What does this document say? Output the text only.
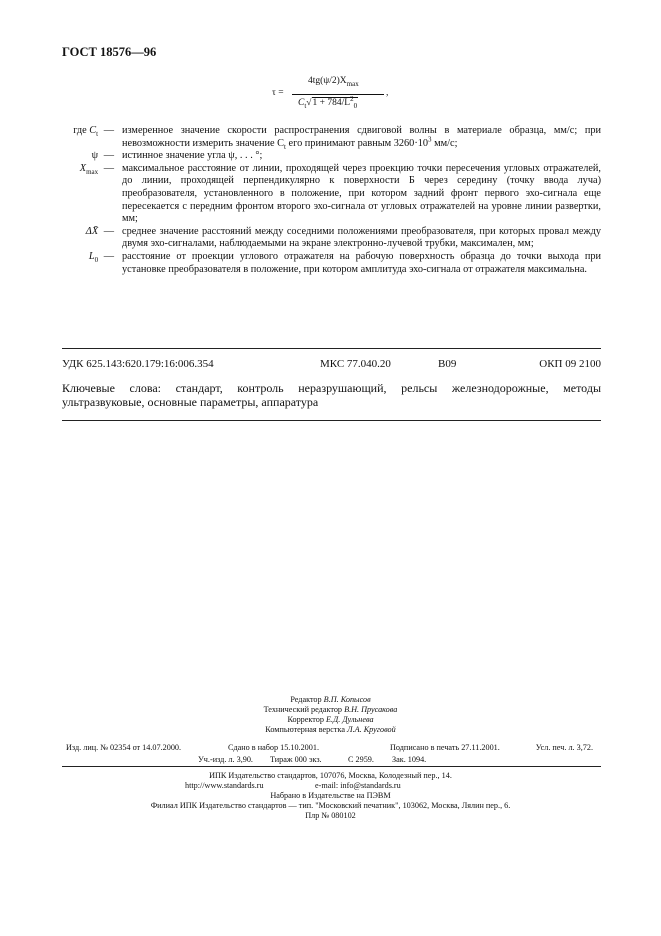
ГОСТ 18576—96
τ =
$4tg(\psi/2)X_{max}$
$C_t√1 + 784/L^2_0$
,
где $C_t$ — измеренное значение скорости распространения сдвиговой волны в материале образца, мм/с; при невозможности измерить значение $C_t$ его принимают равным $3260\cdot 10^3$ мм/с;
ψ — истинное значение угла ψ, . . . °;
$X_{max}$ — максимальное расстояние от линии, проходящей через проекцию точки пересечения угловых отражателей, до линии, проходящей перпендикулярно к поверхности Б через середину (точку ввода луча) преобразователя, установленного в положение, при котором задний фронт первого эхо-сигнала еще пересекается с передним фронтом второго эхо-сигнала от угловых отражателей на уровне линии развертки, мм;
ΔX̄ — среднее значение расстояний между соседними положениями преобразователя, при которых провал между двумя эхо-сигналами, наблюдаемыми на экране электронно-лучевой трубки, максимален, мм;
$L_0$ — расстояние от проекции углового отражателя на рабочую поверхность образца до точки выхода при установке преобразователя в положение, при котором амплитуда эхо-сигнала от отражателя максимальна.
УДК 625.143:620.179:16:006.354	МКС 77.040.20	В09	ОКП 09 2100
Ключевые слова: стандарт, контроль неразрушающий, рельсы железнодорожные, методы ультразвуковые, основные параметры, аппаратура
Редактор В.П. Копысов
Технический редактор В.Н. Прусакова
Корректор Е.Д. Дульнева
Компьютерная верстка Л.А. Круговой
Изд. лиц. № 02354 от 14.07.2000.	Сдано в набор 15.10.2001.	Подписано в печать 27.11.2001.	Усл. печ. л. 3,72.
Уч.-изд. л. 3,90. Тираж 000 экз.	С 2959. Зак. 1094.
ИПК Издательство стандартов, 107076, Москва, Колодезный пер., 14.
http://www.standards.ru	e-mail: info@standards.ru
Набрано в Издательстве на ПЭВМ
Филиал ИПК Издательство стандартов — тип. "Московский печатник", 103062, Москва, Лялин пер., 6.
Плр № 080102
